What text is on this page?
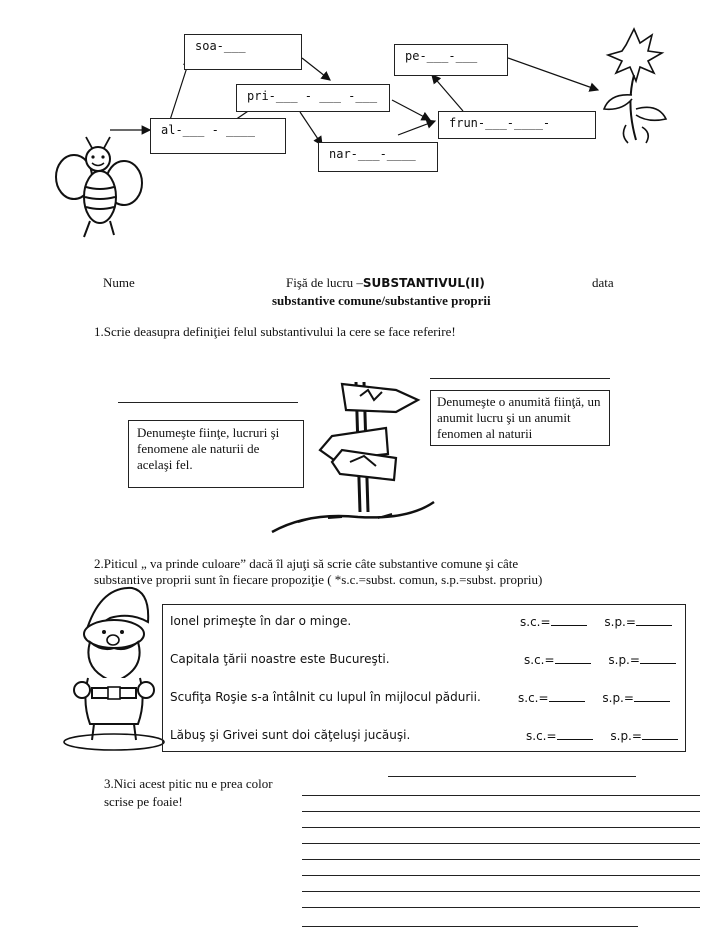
soa-___
pe-___-___
pri-___ - ___ -___
frun-___-____-
al-___ - ____
nar-___-____
Nume	Fişă de lucru –SUBSTANTIVUL(II)	data
substantive comune/substantive proprii
1.Scrie deasupra definiţiei felul substantivului la cere se face referire!
Denumeşte fiinţe, lucruri şi fenomene ale naturii de acelaşi fel.
Denumeşte o anumită fiinţă, un anumit lucru şi un anumit fenomen al naturii
2.Piticul „ va prinde culoare” dacă îl ajuţi să scrie câte substantive comune şi câte
substantive proprii sunt în fiecare propoziţie ( *s.c.=subst. comun, s.p.=subst. propriu)
Ionel primeşte în dar o minge.	s.c.=	s.p.=
Capitala ţării noastre este Bucureşti.	s.c.=	s.p.=
Scufiţa Roşie s-a întâlnit cu lupul în mijlocul pădurii.	s.c.=	s.p.=
Lăbuş şi Grivei sunt doi căţeluşi jucăuşi.	s.c.=	s.p.=
3.Nici acest pitic nu e prea color
scrise pe foaie!
